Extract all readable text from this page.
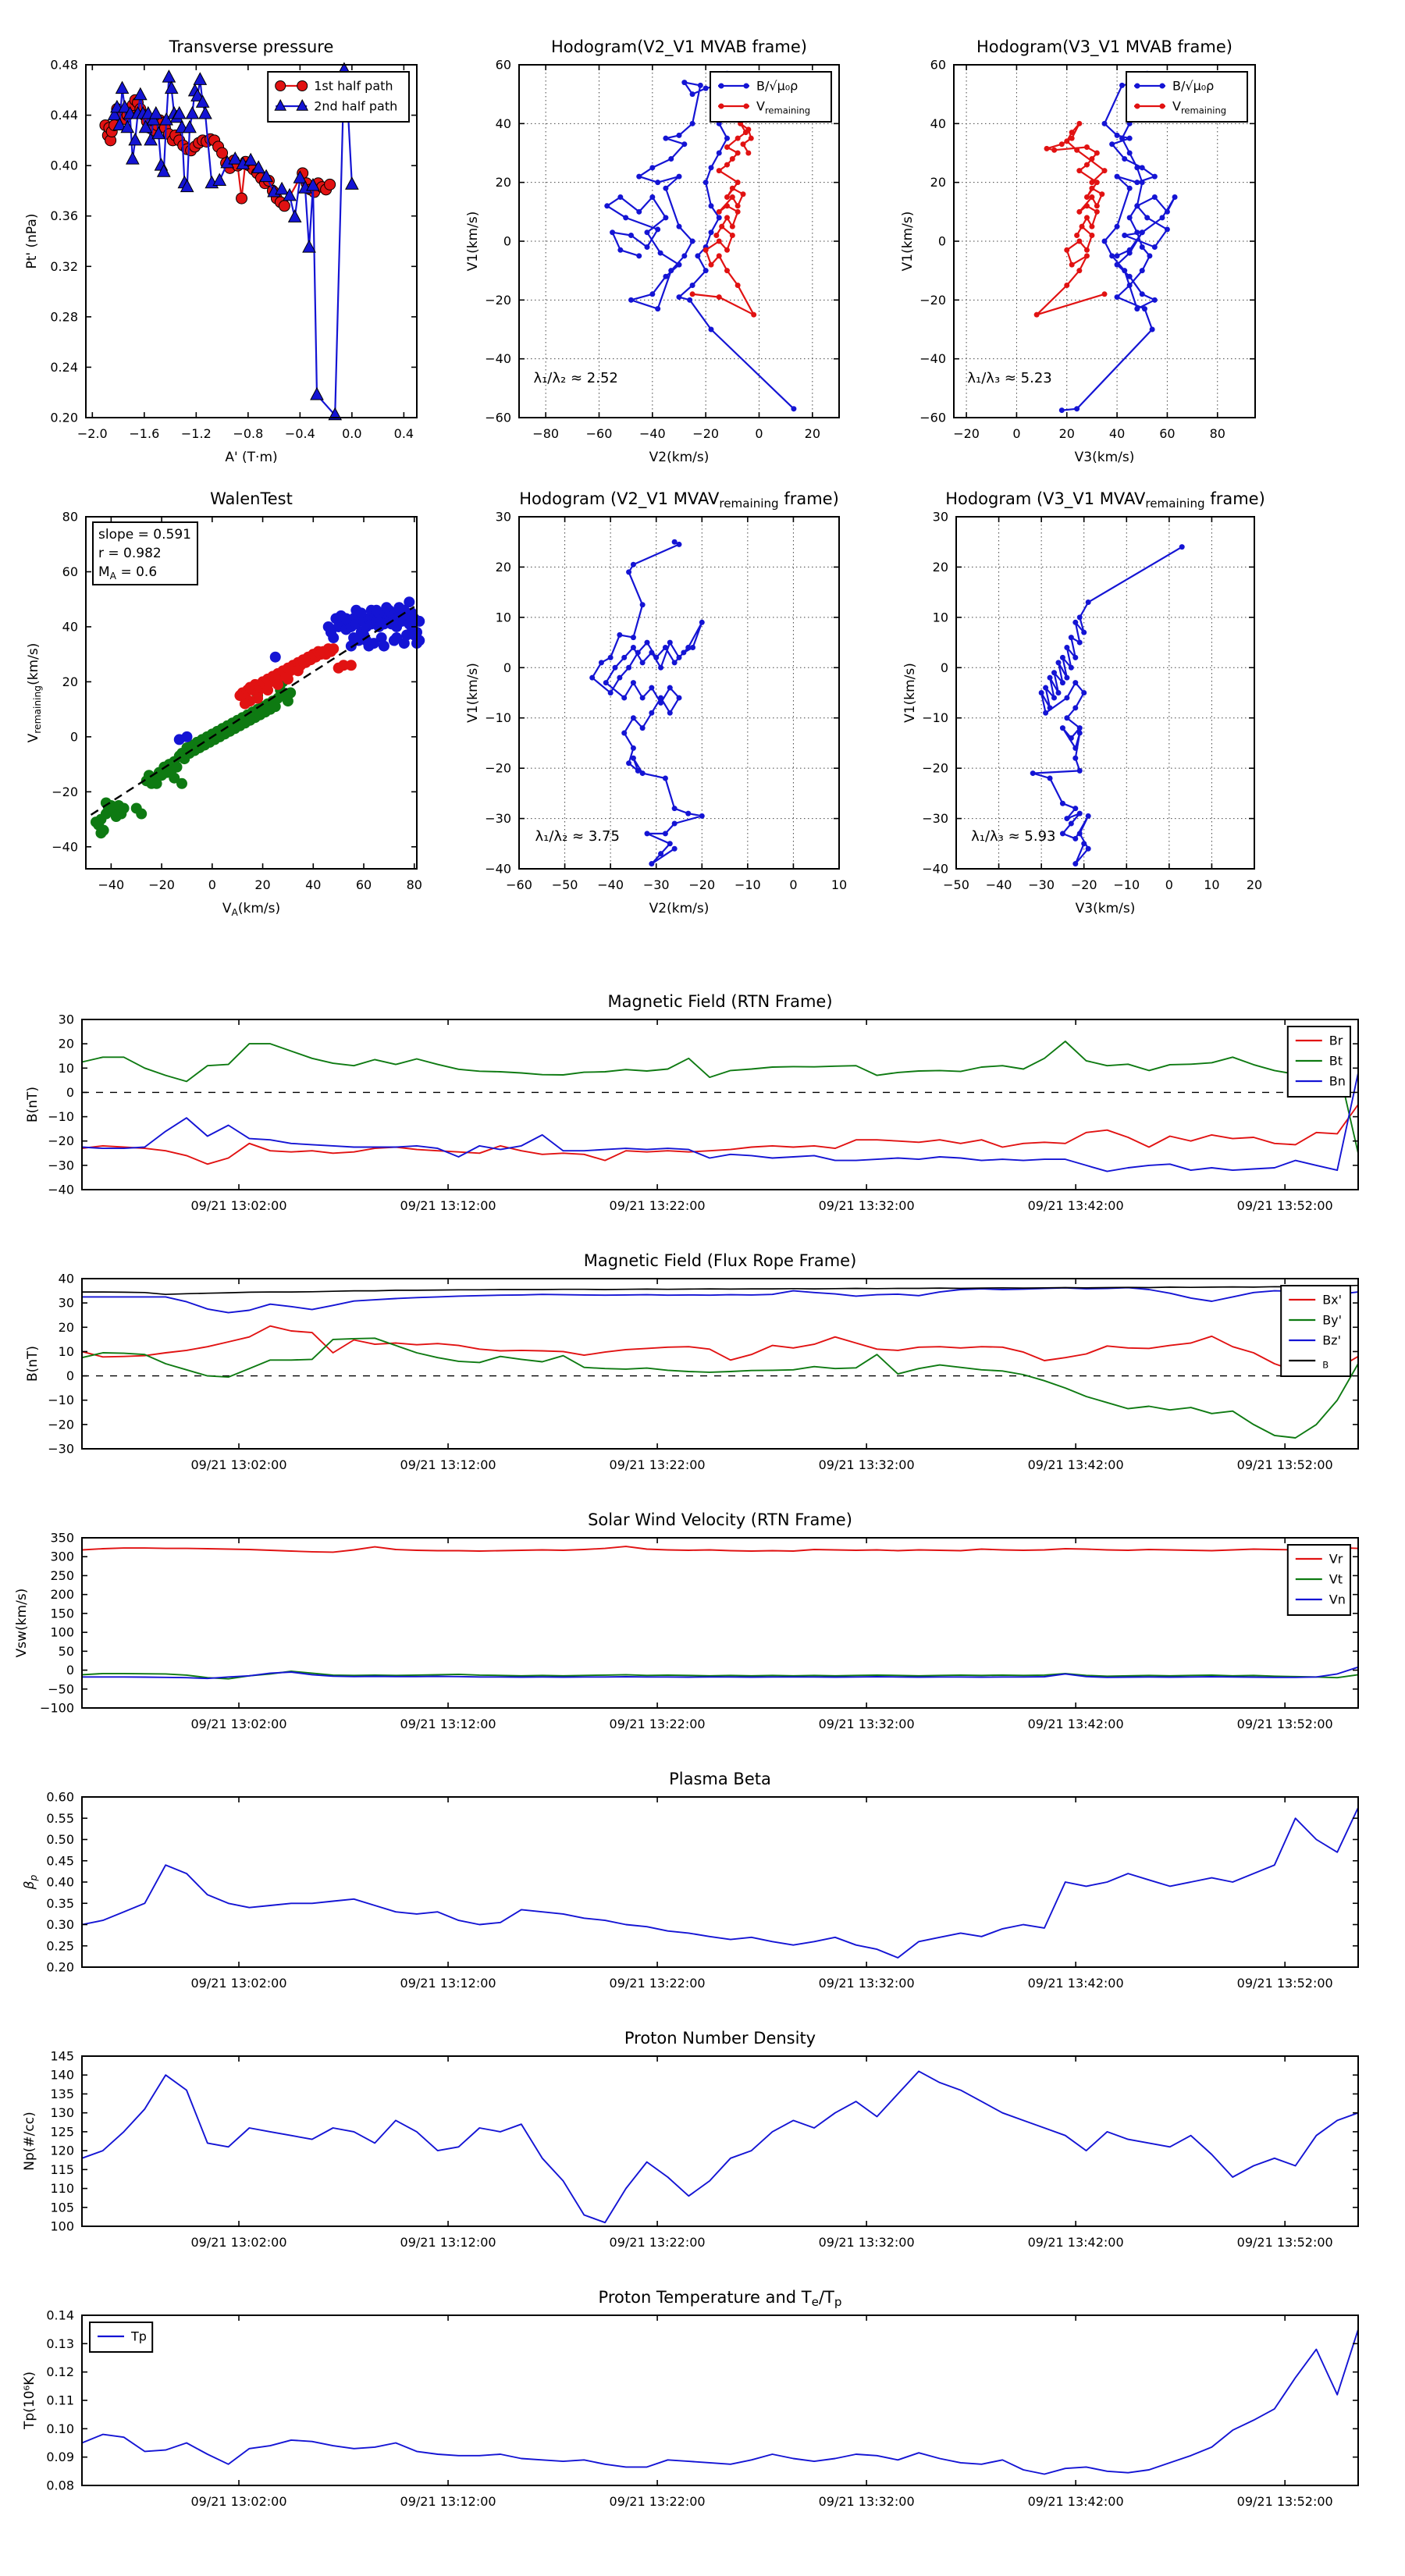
−2.0 −1.6 −1.2 −0.8 −0.4 0.0	0.4
0.20
0.24
0.28
0.32
0.36
0.40
0.44
0.48
Transverse pressure
A' (T·m)
Pt' (nPa)
1st half path
2nd half path
−80 −60 −40 −20	0	20
−60
−40
−20
0
20
40
60
Hodogram(V2_V1 MVAB frame)
V2(km/s)
V1(km/s)
λ₁/λ₂ ≈ 2.52
B/√μ₀ρ
$V_{remaining}$
−20	0	20	40	60	80
−60
−40
−20
0
20
40
60
Hodogram(V3_V1 MVAB frame)
V3(km/s)
V1(km/s)
λ₁/λ₃ ≈ 5.23
B/√μ₀ρ
$V_{remaining}$
−40 −20	0	20	40	60	80
−40
−20
0
20
40
60
80
WalenTest
$V_A(km/s)$
$V_{remaining}(km/s)$
slope = 0.591
r = 0.982
$M_A = 0.6$
−60 −50 −40 −30 −20 −10 0	10
−40
−30
−20
−10
0
10
20
30
Hodogram (V2_V1 MVAVremaining frame)
V2(km/s)
V1(km/s)
λ₁/λ₂ ≈ 3.75
−50 −40 −30 −20 −10 0 10 20
−40
−30
−20
−10
0
10
20
30
Hodogram (V3_V1 MVAVremaining frame)
V3(km/s)
V1(km/s)
λ₁/λ₃ ≈ 5.93
09/21 13:02:00	09/21 13:12:00	09/21 13:22:00	09/21 13:32:00	09/21 13:42:00	09/21 13:52:00
−40
−30
−20
−10
0
10
20
30
Magnetic Field (RTN Frame)
B(nT)
Br
Bt
Bn
09/21 13:02:00	09/21 13:12:00	09/21 13:22:00	09/21 13:32:00	09/21 13:42:00	09/21 13:52:00
−30
−20
−10
0
10
20
30
40
Magnetic Field (Flux Rope Frame)
B(nT)
Bx'
By'
Bz'
$_B$
09/21 13:02:00	09/21 13:12:00	09/21 13:22:00	09/21 13:32:00	09/21 13:42:00	09/21 13:52:00
−100
−50
0
50
100
150
200
250
300
350
Solar Wind Velocity (RTN Frame)
Vsw(km/s)
Vr
Vt
Vn
09/21 13:02:00	09/21 13:12:00	09/21 13:22:00	09/21 13:32:00	09/21 13:42:00	09/21 13:52:00
0.20
0.25
0.30
0.35
0.40
0.45
0.50
0.55
0.60
Plasma Beta
$\beta_p$
09/21 13:02:00	09/21 13:12:00	09/21 13:22:00	09/21 13:32:00	09/21 13:42:00	09/21 13:52:00
100
105
110
115
120
125
130
135
140
145
Proton Number Density
Np(#/cc)
09/21 13:02:00	09/21 13:12:00	09/21 13:22:00	09/21 13:32:00	09/21 13:42:00	09/21 13:52:00
0.08
0.09
0.10
0.11
0.12
0.13
0.14
Proton Temperature and Te/Tp
Tp(10⁶K)
Tp
